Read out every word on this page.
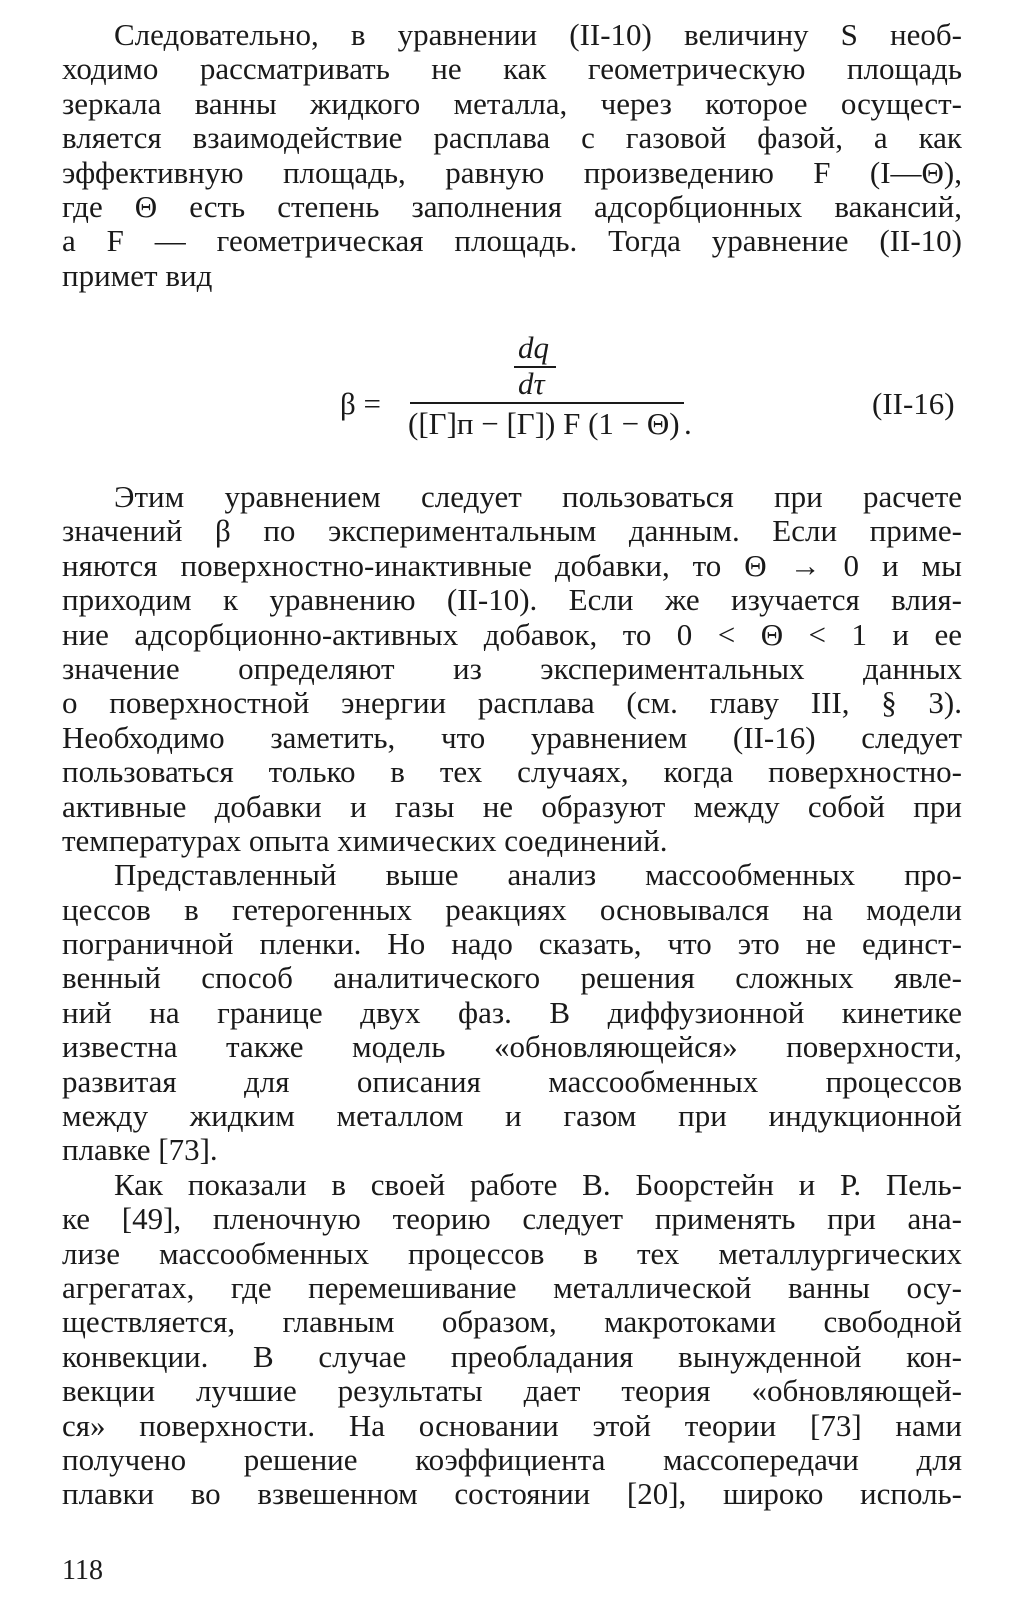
Следовательно, в уравнении (II-10) величину S необ-
ходимо рассматривать не как геометрическую площадь
зеркала ванны жидкого металла, через которое осущест-
вляется взаимодействие расплава с газовой фазой, а как
эффективную площадь, равную произведению F (I—Θ),
где Θ есть степень заполнения адсорбционных вакансий,
а F — геометрическая площадь. Тогда уравнение (II-10)
примет вид
β =
dq
dτ
([Γ]п − [Γ]) F (1 − Θ) .
(II-16)
Этим уравнением следует пользоваться при расчете
значений β по экспериментальным данным. Если приме-
няются поверхностно-инактивные добавки, то Θ → 0 и мы
приходим к уравнению (II-10). Если же изучается влия-
ние адсорбционно-активных добавок, то 0 < Θ < 1 и ее
значение определяют из экспериментальных данных
о поверхностной энергии расплава (см. главу III, § 3).
Необходимо заметить, что уравнением (II-16) следует
пользоваться только в тех случаях, когда поверхностно-
активные добавки и газы не образуют между собой при
температурах опыта химических соединений.
Представленный выше анализ массообменных про-
цессов в гетерогенных реакциях основывался на модели
пограничной пленки. Но надо сказать, что это не единст-
венный способ аналитического решения сложных явле-
ний на границе двух фаз. В диффузионной кинетике
известна также модель «обновляющейся» поверхности,
развитая для описания массообменных процессов
между жидким металлом и газом при индукционной
плавке [73].
Как показали в своей работе В. Боорстейн и Р. Пель-
ке [49], пленочную теорию следует применять при ана-
лизе массообменных процессов в тех металлургических
агрегатах, где перемешивание металлической ванны осу-
ществляется, главным образом, макротоками свободной
конвекции. В случае преобладания вынужденной кон-
векции лучшие результаты дает теория «обновляющей-
ся» поверхности. На основании этой теории [73] нами
получено решение коэффициента массопередачи для
плавки во взвешенном состоянии [20], широко исполь-
118
